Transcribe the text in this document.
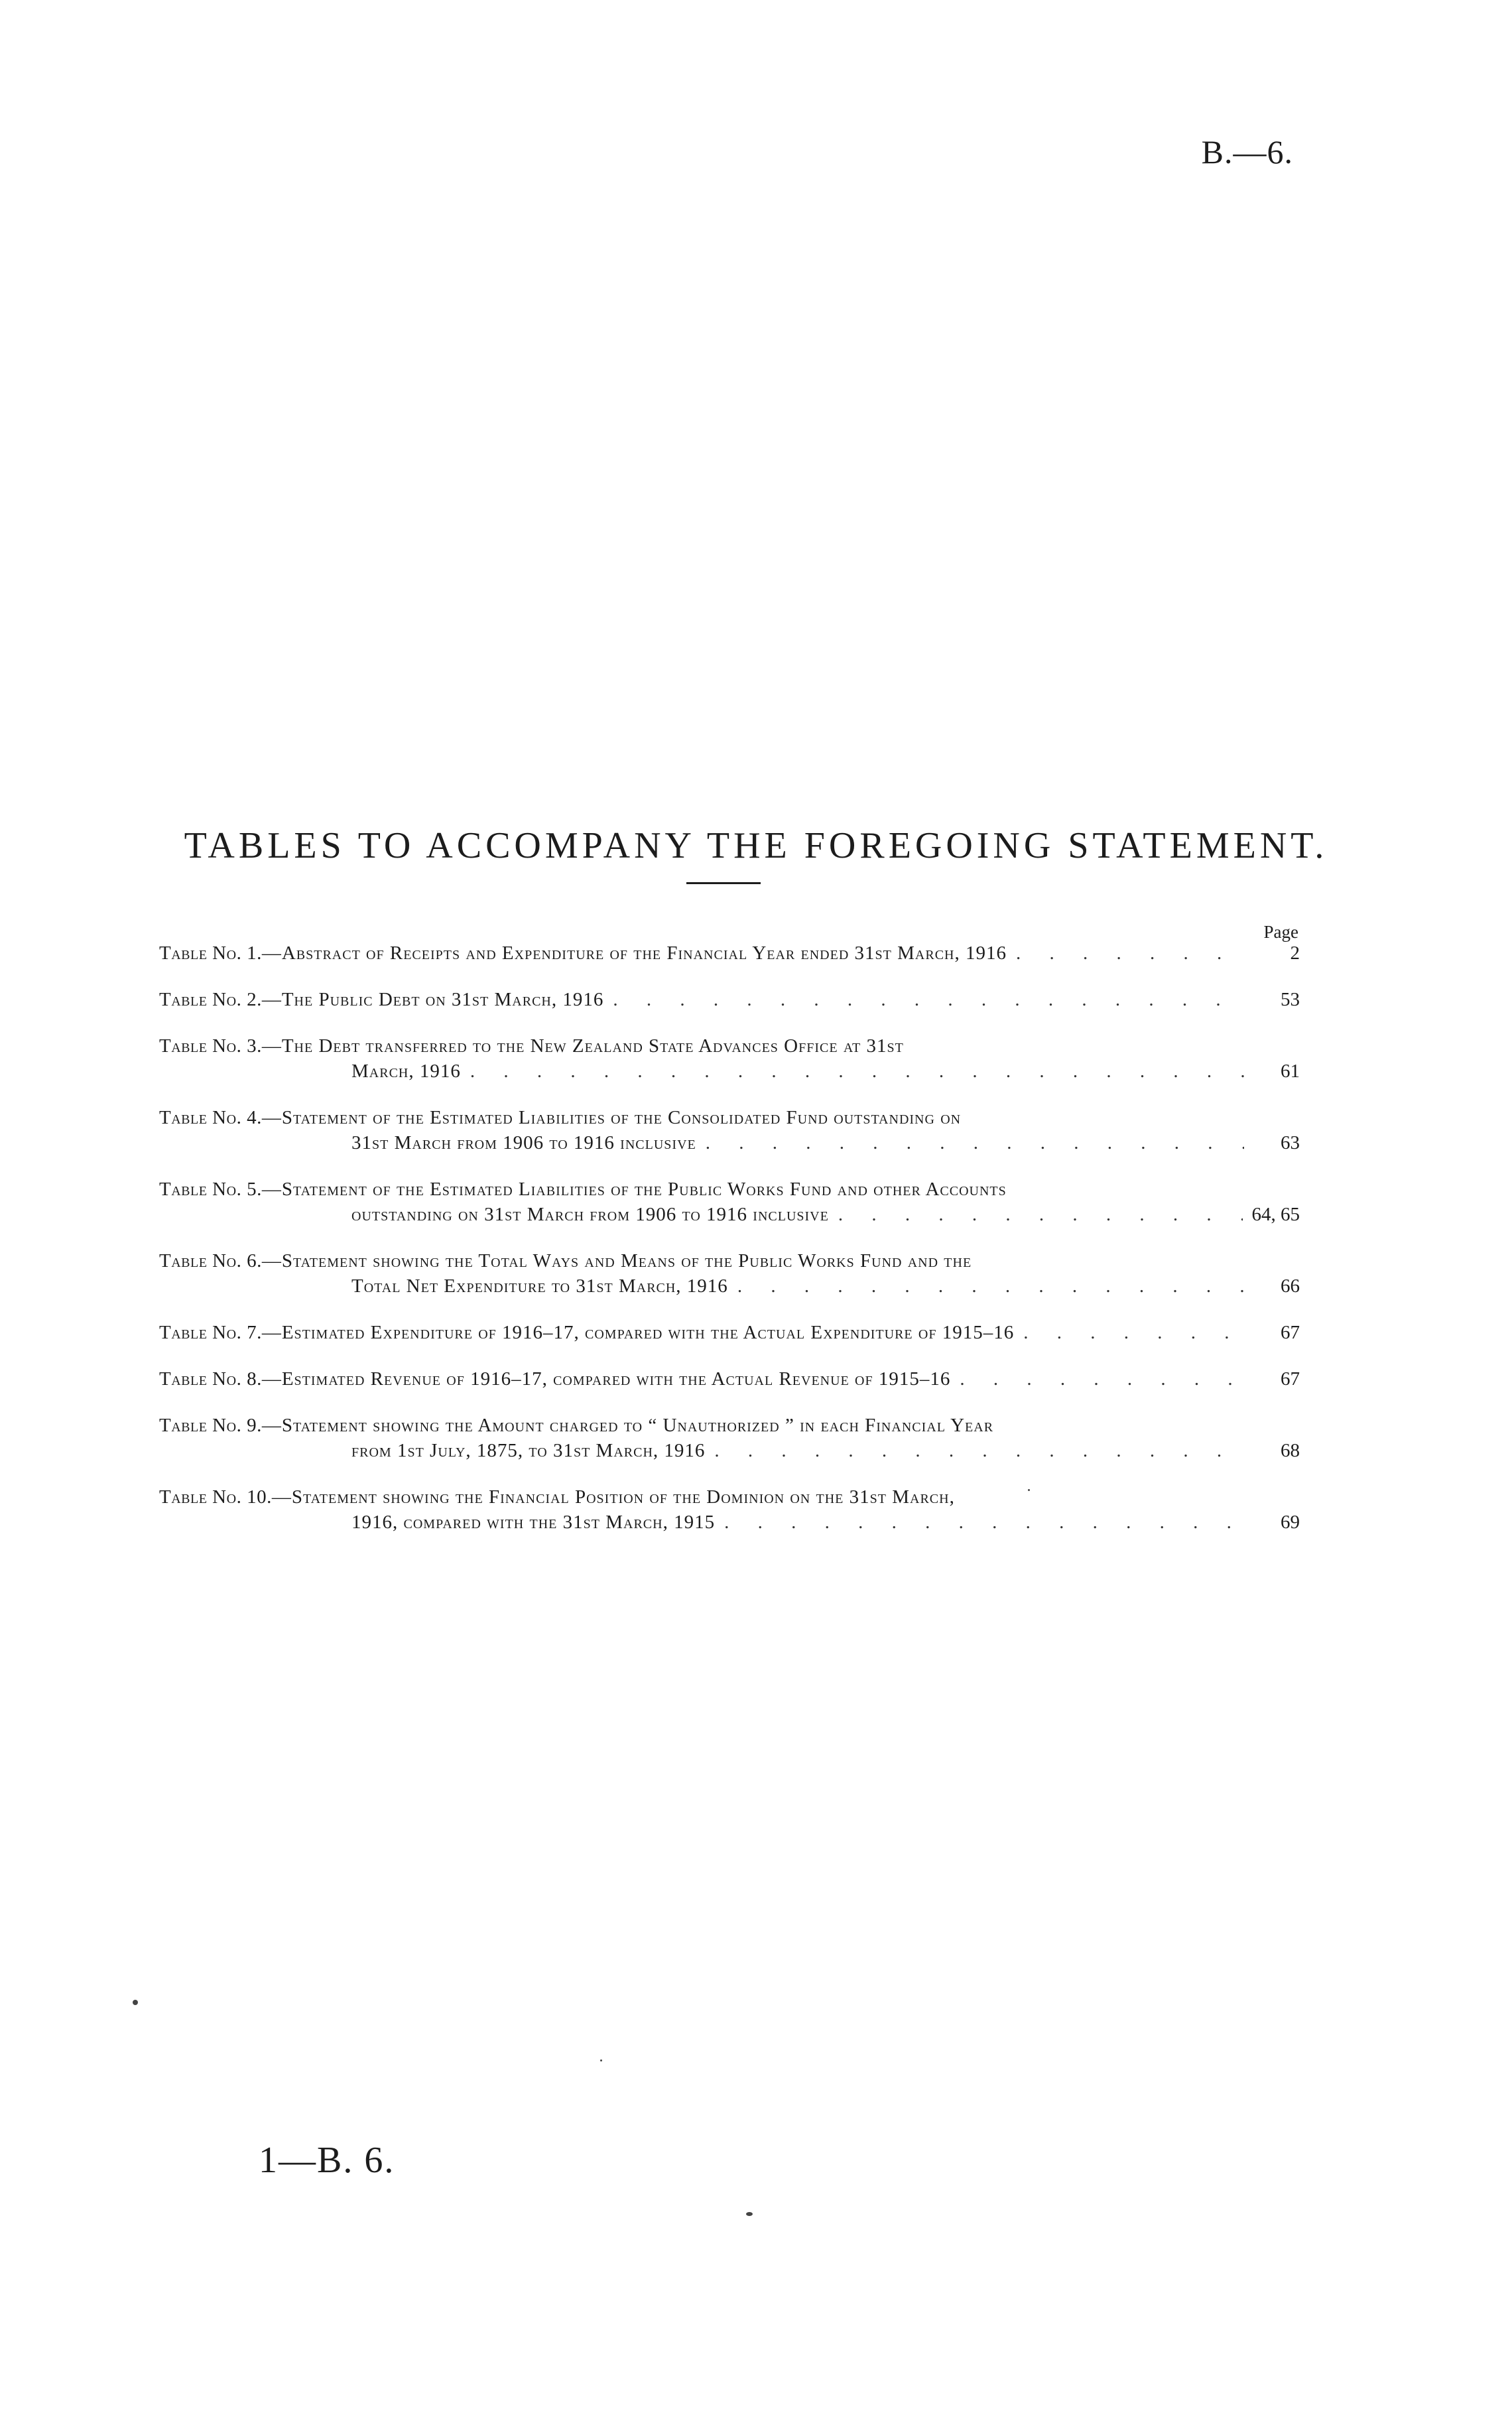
B.—6.
TABLES TO ACCOMPANY THE FOREGOING STATEMENT.
Page
Table No. 1. —Abstract of Receipts and Expenditure of the Financial Year ended 31st March, 1916 . . .	2
Table No. 2. —The Public Debt on 31st March, 1916 . . .	53
Table No. 3. —The Debt transferred to the New Zealand State Advances Office at 31st
March, 1916 . . .	61
Table No. 4. —Statement of the Estimated Liabilities of the Consolidated Fund outstanding on
31st March from 1906 to 1916 inclusive . . .	63
Table No. 5. —Statement of the Estimated Liabilities of the Public Works Fund and other Accounts
outstanding on 31st March from 1906 to 1916 inclusive . . .	64, 65
Table No. 6. —Statement showing the Total Ways and Means of the Public Works Fund and the
Total Net Expenditure to 31st March, 1916 . . .	66
Table No. 7. —Estimated Expenditure of 1916–17, compared with the Actual Expenditure of 1915–16 . . .	67
Table No. 8. —Estimated Revenue of 1916–17, compared with the Actual Revenue of 1915–16 . . .	67
Table No. 9. —Statement showing the Amount charged to “ Unauthorized ” in each Financial Year
from 1st July, 1875, to 31st March, 1916 . . .	68
Table No. 10. —Statement showing the Financial Position of the Dominion on the 31st March,
1916, compared with the 31st March, 1915 . . .	69
1—B. 6.
